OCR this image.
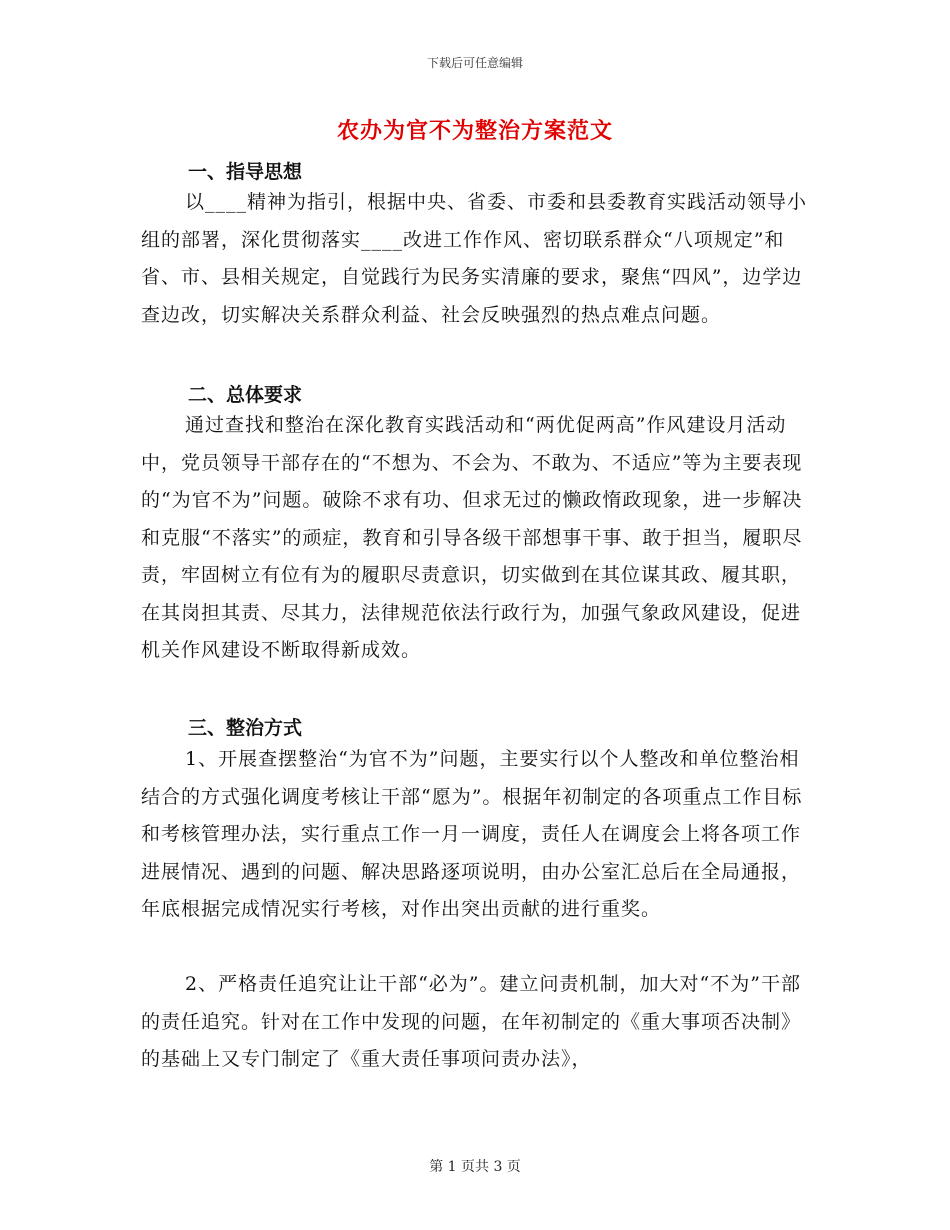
下载后可任意编辑
农办为官不为整治方案范文
一、指导思想

以____精神为指引，根据中央、省委、市委和县委教育实践活动领导小组的部署，深化贯彻落实____改进工作作风、密切联系群众“八项规定”和省、市、县相关规定，自觉践行为民务实清廉的要求，聚焦“四风”，边学边查边改，切实解决关系群众利益、社会反映强烈的热点难点问题。

二、总体要求

通过查找和整治在深化教育实践活动和“两优促两高”作风建设月活动中，党员领导干部存在的“不想为、不会为、不敢为、不适应”等为主要表现的“为官不为”问题。破除不求有功、但求无过的懒政惰政现象，进一步解决和克服“不落实”的顽症，教育和引导各级干部想事干事、敢于担当，履职尽责，牢固树立有位有为的履职尽责意识，切实做到在其位谋其政、履其职，在其岗担其责、尽其力，法律规范依法行政行为，加强气象政风建设，促进机关作风建设不断取得新成效。

三、整治方式

1、开展查摆整治“为官不为”问题，主要实行以个人整改和单位整治相结合的方式强化调度考核让干部“愿为”。根据年初制定的各项重点工作目标和考核管理办法，实行重点工作一月一调度，责任人在调度会上将各项工作进展情况、遇到的问题、解决思路逐项说明，由办公室汇总后在全局通报，年底根据完成情况实行考核，对作出突出贡献的进行重奖。

2、严格责任追究让让干部“必为”。建立问责机制，加大对“不为”干部的责任追究。针对在工作中发现的问题，在年初制定的《重大事项否决制》的基础上又专门制定了《重大责任事项问责办法》，

第 1 页共 3 页
